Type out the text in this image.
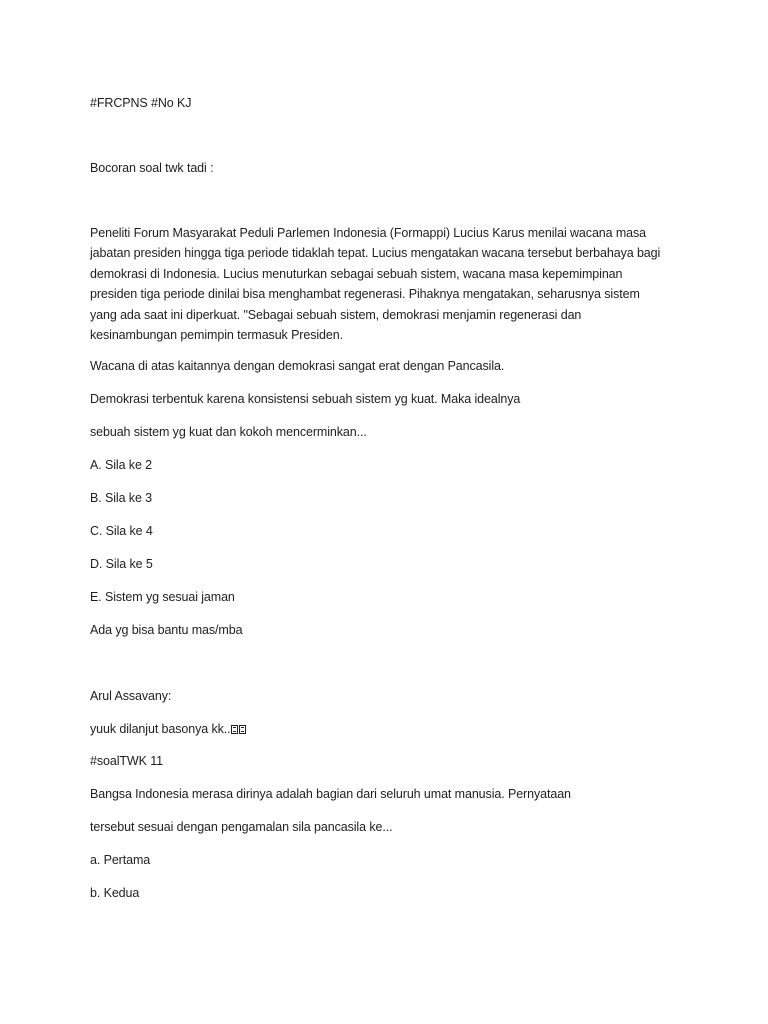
#FRCPNS #No KJ
Bocoran soal twk tadi :
Peneliti Forum Masyarakat Peduli Parlemen Indonesia (Formappi) Lucius Karus menilai wacana masa
jabatan presiden hingga tiga periode tidaklah tepat. Lucius mengatakan wacana tersebut berbahaya bagi
demokrasi di Indonesia. Lucius menuturkan sebagai sebuah sistem, wacana masa kepemimpinan
presiden tiga periode dinilai bisa menghambat regenerasi. Pihaknya mengatakan, seharusnya sistem
yang ada saat ini diperkuat. "Sebagai sebuah sistem, demokrasi menjamin regenerasi dan
kesinambungan pemimpin termasuk Presiden.
Wacana di atas kaitannya dengan demokrasi sangat erat dengan Pancasila.
Demokrasi terbentuk karena konsistensi sebuah sistem yg kuat. Maka idealnya
sebuah sistem yg kuat dan kokoh mencerminkan...
A. Sila ke 2
B. Sila ke 3
C. Sila ke 4
D. Sila ke 5
E. Sistem yg sesuai jaman
Ada yg bisa bantu mas/mba
Arul Assavany:
yuuk dilanjut basonya kk..
#soalTWK 11
Bangsa Indonesia merasa dirinya adalah bagian dari seluruh umat manusia. Pernyataan
tersebut sesuai dengan pengamalan sila pancasila ke...
a. Pertama
b. Kedua
